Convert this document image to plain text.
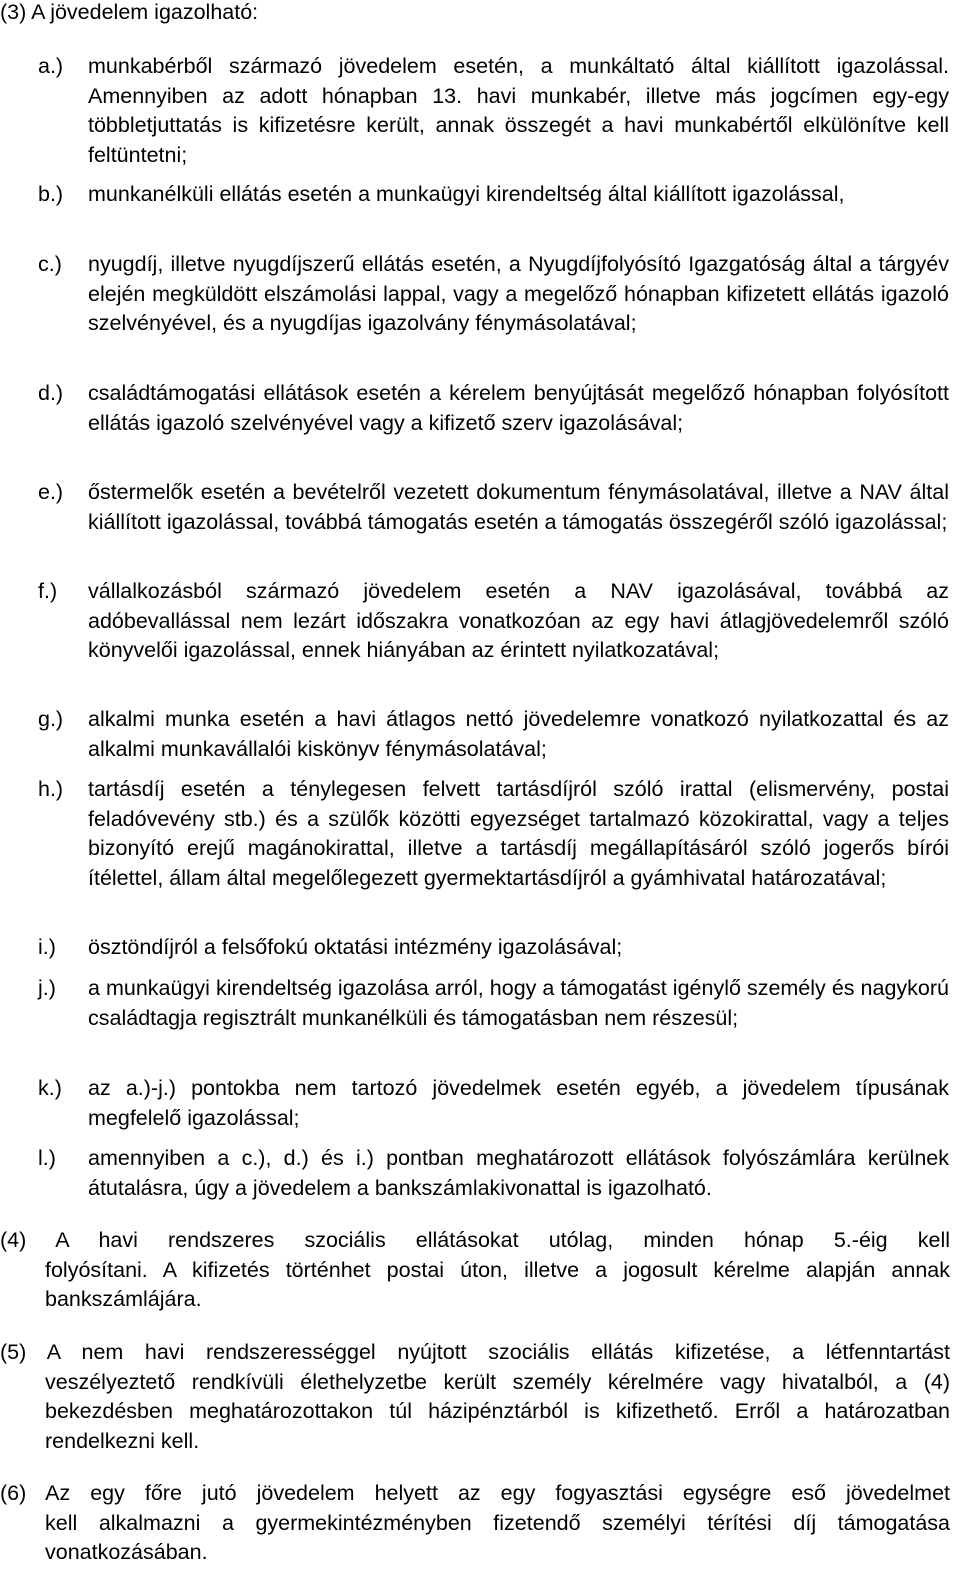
(3) A jövedelem igazolható:
a.) munkabérből származó jövedelem esetén, a munkáltató által kiállított igazolással. Amennyiben az adott hónapban 13. havi munkabér, illetve más jogcímen egy-egy többletjuttatás is kifizetésre került, annak összegét a havi munkabértől elkülönítve kell feltüntetni;
b.) munkanélküli ellátás esetén a munkaügyi kirendeltség által kiállított igazolással,
c.) nyugdíj, illetve nyugdíjszerű ellátás esetén, a Nyugdíjfolyósító Igazgatóság által a tárgyév elején megküldött elszámolási lappal, vagy a megelőző hónapban kifizetett ellátás igazoló szelvényével, és a nyugdíjas igazolvány fénymásolatával;
d.) családtámogatási ellátások esetén a kérelem benyújtását megelőző hónapban folyósított ellátás igazoló szelvényével vagy a kifizető szerv igazolásával;
e.) őstermelők esetén a bevételről vezetett dokumentum fénymásolatával, illetve a NAV által kiállított igazolással, továbbá támogatás esetén a támogatás összegéről szóló igazolással;
f.) vállalkozásból származó jövedelem esetén a NAV igazolásával, továbbá az adóbevallással nem lezárt időszakra vonatkozóan az egy havi átlagjövedelemről szóló könyvelői igazolással, ennek hiányában az érintett nyilatkozatával;
g.) alkalmi munka esetén a havi átlagos nettó jövedelemre vonatkozó nyilatkozattal és az alkalmi munkavállalói kiskönyv fénymásolatával;
h.) tartásdíj esetén a ténylegesen felvett tartásdíjról szóló irattal (elismervény, postai feladóvevény stb.) és a szülők közötti egyezséget tartalmazó közokirattal, vagy a teljes bizonyító erejű magánokirattal, illetve a tartásdíj megállapításáról szóló jogerős bírói ítélettel, állam által megelőlegezett gyermektartásdíjról a gyámhivatal határozatával;
i.) ösztöndíjról a felsőfokú oktatási intézmény igazolásával;
j.) a munkaügyi kirendeltség igazolása arról, hogy a támogatást igénylő személy és nagykorú családtagja regisztrált munkanélküli és támogatásban nem részesül;
k.) az a.)-j.) pontokba nem tartozó jövedelmek esetén egyéb, a jövedelem típusának megfelelő igazolással;
l.) amennyiben a c.), d.) és i.) pontban meghatározott ellátások folyószámlára kerülnek átutalásra, úgy a jövedelem a bankszámlakivonattal is igazolható.
(4) A havi rendszeres szociális ellátásokat utólag, minden hónap 5.-éig kell
folyósítani. A kifizetés történhet postai úton, illetve a jogosult kérelme alapján annak bankszámlájára.
(5) A nem havi rendszerességgel nyújtott szociális ellátás kifizetése, a létfenntartást
veszélyeztető rendkívüli élethelyzetbe került személy kérelmére vagy hivatalból, a (4) bekezdésben meghatározottakon túl házipénztárból is kifizethető. Erről a határozatban rendelkezni kell.
(6) Az egy főre jutó jövedelem helyett az egy fogyasztási egységre eső jövedelmet
kell alkalmazni a gyermekintézményben fizetendő személyi térítési díj támogatása vonatkozásában.
